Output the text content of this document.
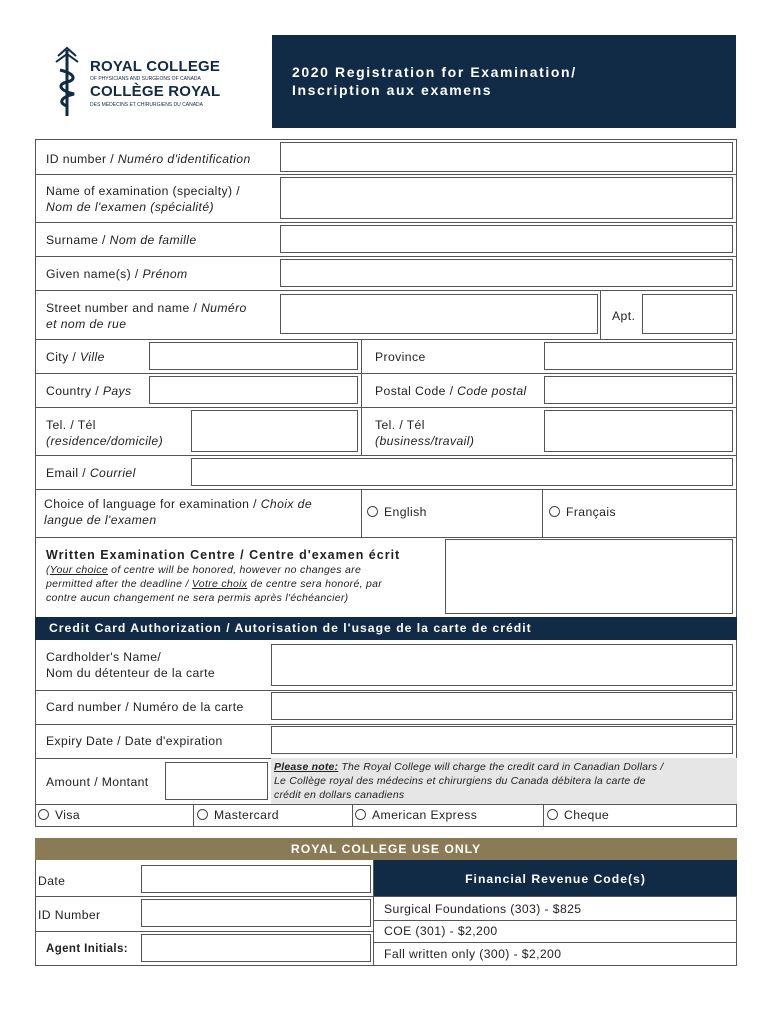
ROYAL COLLEGE
OF PHYSICIANS AND SURGEONS OF CANADA
COLLÈGE ROYAL
DES MÉDECINS ET CHIRURGIENS DU CANADA
2020 Registration for Examination/
Inscription aux examens
ID number / Numéro d'identification
Name of examination (specialty) /
Nom de l'examen (spécialité)
Surname / Nom de famille
Given name(s) / Prénom
Street number and name / Numéro
et nom de rue
Apt.
City / Ville	Province
Country / Pays	Postal Code / Code postal
Tel. / Tél
(residence/domicile)
Tel. / Tél
(business/travail)
Email / Courriel
Choice of language for examination / Choix de
langue de l'examen
English	Français
Written Examination Centre / Centre d'examen écrit
(Your choice of centre will be honored, however no changes are
permitted after the deadline / Votre choix de centre sera honoré, par
contre aucun changement ne sera permis après l'échéancier)
Credit Card Authorization / Autorisation de l'usage de la carte de crédit
Cardholder's Name/
Nom du détenteur de la carte
Card number / Numéro de la carte
Expiry Date / Date d'expiration
Amount / Montant
Please note: The Royal College will charge the credit card in Canadian Dollars /
Le Collège royal des médecins et chirurgiens du Canada débitera la carte de
crédit en dollars canadiens
Visa	Mastercard	American Express	Cheque
ROYAL COLLEGE USE ONLY
Date
ID Number
Agent Initials:
Financial Revenue Code(s)
Surgical Foundations (303) - $825
COE (301) - $2,200
Fall written only (300) - $2,200
